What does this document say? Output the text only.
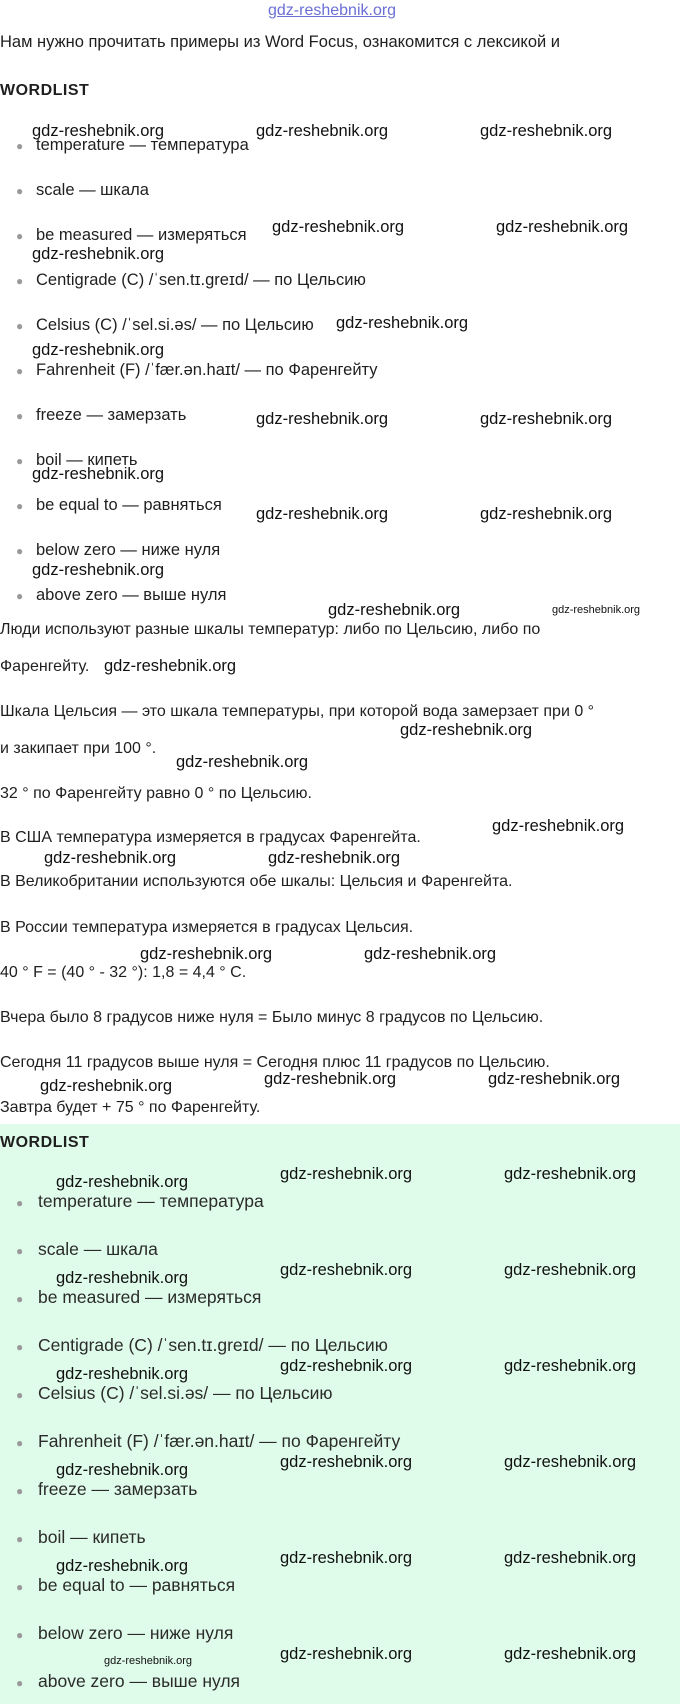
gdz-reshebnik.org
Нам нужно прочитать примеры из Word Focus, ознакомится с лексикой и
WORDLIST
● temperature — температура
● scale — шкала
● be measured — измеряться
● Centigrade (C) /ˈsen.tɪ.ɡreɪd/ — по Цельсию
● Celsius (C) /ˈsel.si.əs/ — по Цельсию
● Fahrenheit (F) /ˈfær.ən.haɪt/ — по Фаренгейту
● freeze — замерзать
● boil — кипеть
● be equal to — равняться
● below zero — ниже нуля
● above zero — выше нуля
Люди используют разные шкалы температур: либо по Цельсию, либо по
Фаренгейту.
Шкала Цельсия — это шкала температуры, при которой вода замерзает при 0 °
и закипает при 100 °.
32 ° по Фаренгейту равно 0 ° по Цельсию.
В США температура измеряется в градусах Фаренгейта.
В Великобритании используются обе шкалы: Цельсия и Фаренгейта.
В России температура измеряется в градусах Цельсия.
40 ° F = (40 ° - 32 °): 1,8 = 4,4 ° C.
Вчера было 8 градусов ниже нуля = Было минус 8 градусов по Цельсию.
Сегодня 11 градусов выше нуля = Сегодня плюс 11 градусов по Цельсию.
Завтра будет + 75 ° по Фаренгейту.
WORDLIST
● temperature — температура
● scale — шкала
● be measured — измеряться
● Centigrade (C) /ˈsen.tɪ.ɡreɪd/ — по Цельсию
● Celsius (C) /ˈsel.si.əs/ — по Цельсию
● Fahrenheit (F) /ˈfær.ən.haɪt/ — по Фаренгейту
● freeze — замерзать
● boil — кипеть
● be equal to — равняться
● below zero — ниже нуля
● above zero — выше нуля
gdz-reshebnik.org	gdz-reshebnik.org	gdz-reshebnik.org
gdz-reshebnik.org	gdz-reshebnik.org
gdz-reshebnik.org
gdz-reshebnik.org
gdz-reshebnik.org
gdz-reshebnik.org	gdz-reshebnik.org
gdz-reshebnik.org
gdz-reshebnik.org	gdz-reshebnik.org
gdz-reshebnik.org
gdz-reshebnik.org	gdz-reshebnik.org
gdz-reshebnik.org
gdz-reshebnik.org
gdz-reshebnik.org
gdz-reshebnik.org
gdz-reshebnik.org	gdz-reshebnik.org
gdz-reshebnik.org	gdz-reshebnik.org
gdz-reshebnik.org	gdz-reshebnik.org
gdz-reshebnik.org
gdz-reshebnik.org	gdz-reshebnik.org	gdz-reshebnik.org
gdz-reshebnik.org	gdz-reshebnik.org	gdz-reshebnik.org
gdz-reshebnik.org	gdz-reshebnik.org	gdz-reshebnik.org
gdz-reshebnik.org	gdz-reshebnik.org	gdz-reshebnik.org
gdz-reshebnik.org	gdz-reshebnik.org	gdz-reshebnik.org
gdz-reshebnik.org	gdz-reshebnik.org	gdz-reshebnik.org
